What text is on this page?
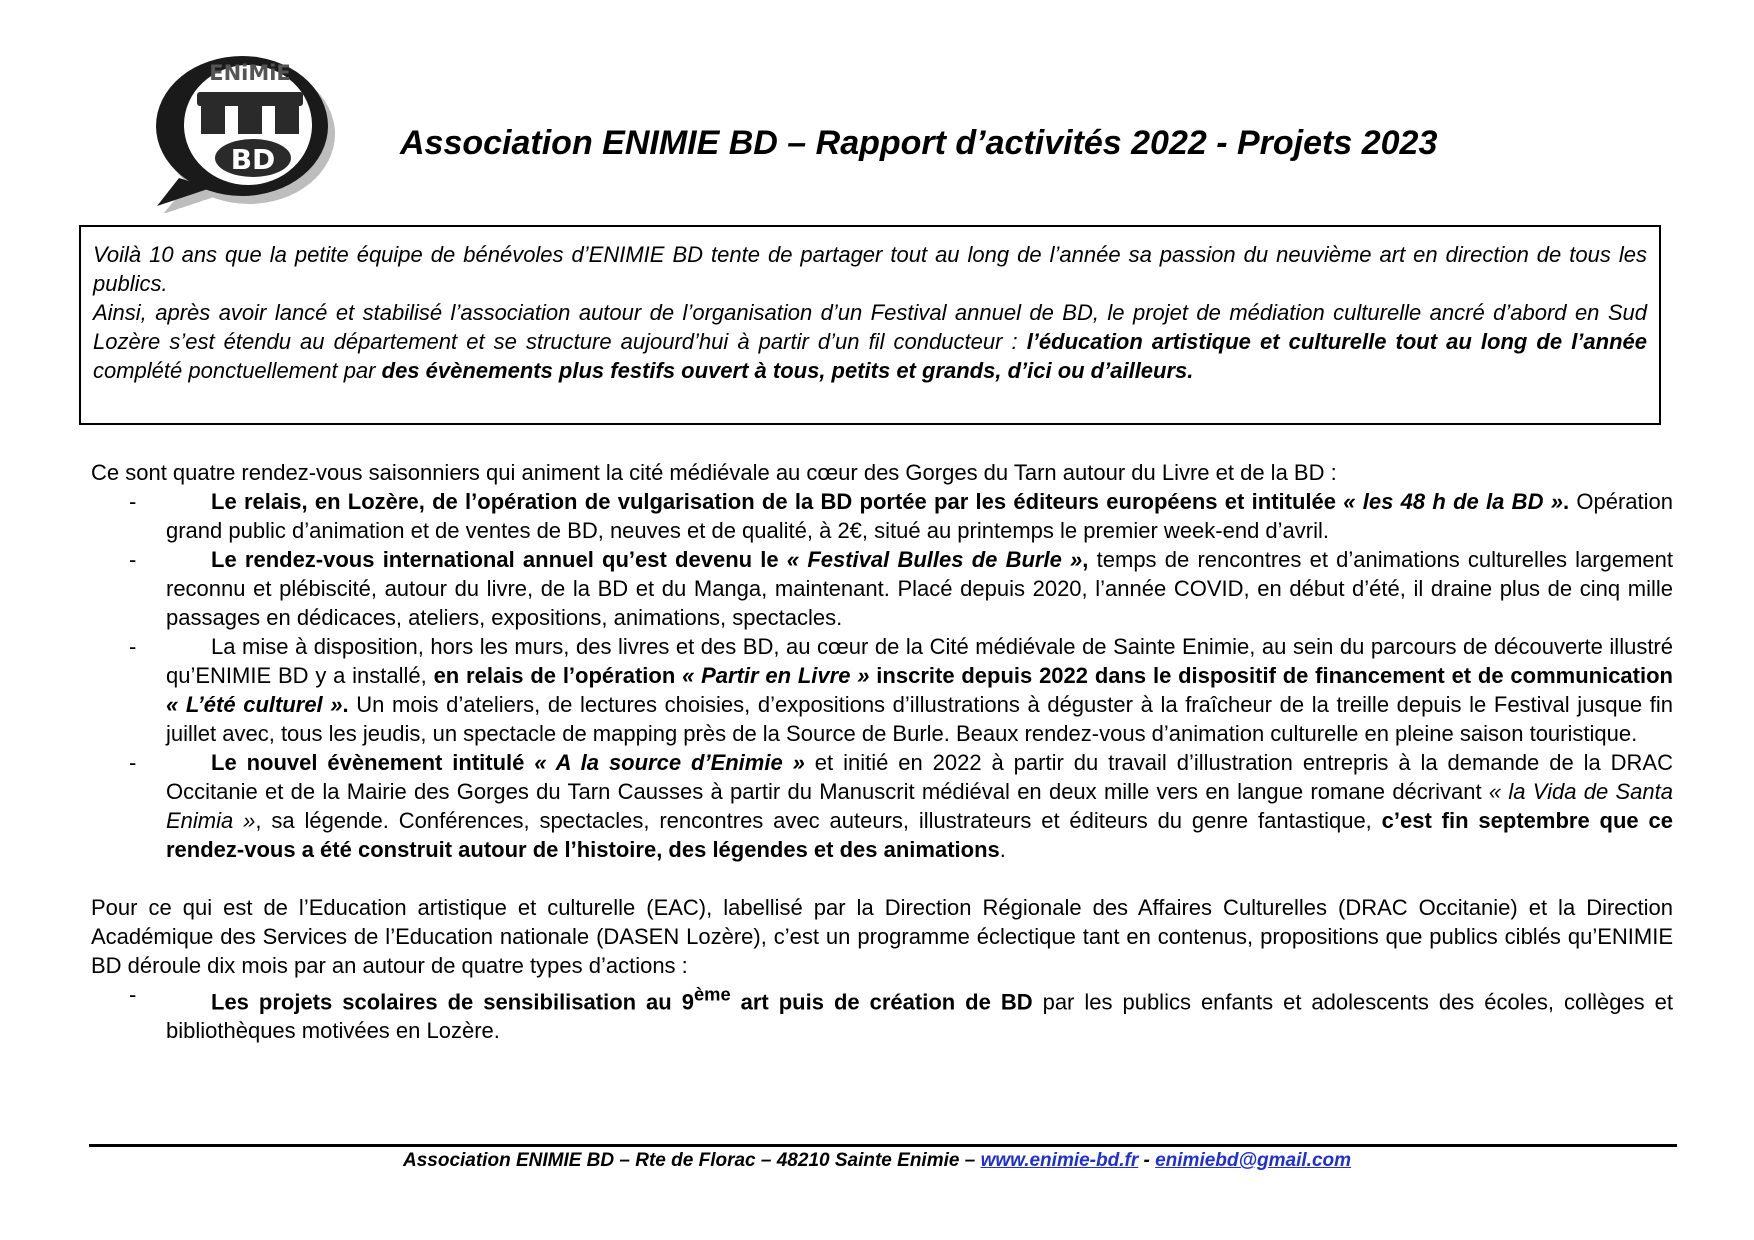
ENiMiE
BD	Association ENIMIE BD – Rapport d’activités 2022 - Projets 2023

Voilà 10 ans que la petite équipe de bénévoles d’ENIMIE BD tente de partager tout au long de l’année sa passion du neuvième art en direction de tous les publics.

Ainsi, après avoir lancé et stabilisé l’association autour de l’organisation d’un Festival annuel de BD, le projet de médiation culturelle ancré d’abord en Sud Lozère s’est étendu au département et se structure aujourd’hui à partir d’un fil conducteur : l’éducation artistique et culturelle tout au long de l’année complété ponctuellement par des évènements plus festifs ouvert à tous, petits et grands, d’ici ou d’ailleurs.

Ce sont quatre rendez-vous saisonniers qui animent la cité médiévale au cœur des Gorges du Tarn autour du Livre et de la BD :

-	Le relais, en Lozère, de l’opération de vulgarisation de la BD portée par les éditeurs européens et intitulée « les 48 h de la BD ». Opération grand public d’animation et de ventes de BD, neuves et de qualité, à 2€, situé au printemps le premier week-end d’avril.
-	Le rendez-vous international annuel qu’est devenu le « Festival Bulles de Burle », temps de rencontres et d’animations culturelles largement reconnu et plébiscité, autour du livre, de la BD et du Manga, maintenant. Placé depuis 2020, l’année COVID, en début d’été, il draine plus de cinq mille passages en dédicaces, ateliers, expositions, animations, spectacles.
-	La mise à disposition, hors les murs, des livres et des BD, au cœur de la Cité médiévale de Sainte Enimie, au sein du parcours de découverte illustré qu’ENIMIE BD y a installé, en relais de l’opération « Partir en Livre » inscrite depuis 2022 dans le dispositif de financement et de communication « L’été culturel ». Un mois d’ateliers, de lectures choisies, d’expositions d’illustrations à déguster à la fraîcheur de la treille depuis le Festival jusque fin juillet avec, tous les jeudis, un spectacle de mapping près de la Source de Burle. Beaux rendez-vous d’animation culturelle en pleine saison touristique.
-	Le nouvel évènement intitulé « A la source d’Enimie » et initié en 2022 à partir du travail d’illustration entrepris à la demande de la DRAC Occitanie et de la Mairie des Gorges du Tarn Causses à partir du Manuscrit médiéval en deux mille vers en langue romane décrivant « la Vida de Santa Enimia », sa légende. Conférences, spectacles, rencontres avec auteurs, illustrateurs et éditeurs du genre fantastique, c’est fin septembre que ce rendez-vous a été construit autour de l’histoire, des légendes et des animations.

Pour ce qui est de l’Education artistique et culturelle (EAC), labellisé par la Direction Régionale des Affaires Culturelles (DRAC Occitanie) et la Direction Académique des Services de l’Education nationale (DASEN Lozère), c’est un programme éclectique tant en contenus, propositions que publics ciblés qu’ENIMIE BD déroule dix mois par an autour de quatre types d’actions :

-	Les projets scolaires de sensibilisation au 9ème art puis de création de BD par les publics enfants et adolescents des écoles, collèges et bibliothèques motivées en Lozère.
Association ENIMIE BD – Rte de Florac – 48210 Sainte Enimie – www.enimie-bd.fr - enimiebd@gmail.com
